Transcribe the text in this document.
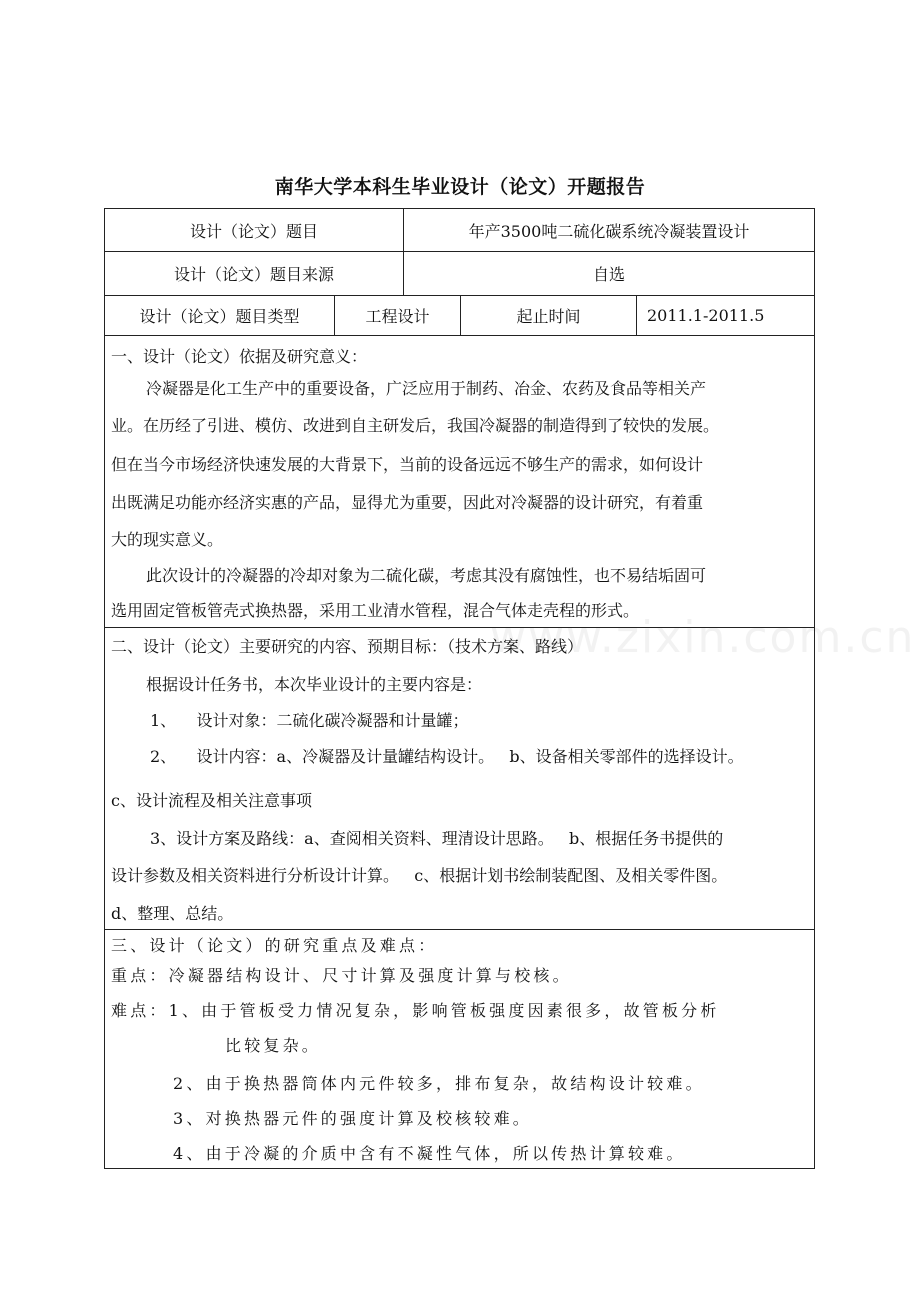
www.zixin.com.cn
南华大学本科生毕业设计（论文）开题报告
设计（论文）题目	年产3500吨二硫化碳系统冷凝装置设计
设计（论文）题目来源	自选
设计（论文）题目类型	工程设计	起止时间	2011.1-2011.5
一、设计（论文）依据及研究意义：
冷凝器是化工生产中的重要设备，广泛应用于制药、冶金、农药及食品等相关产
业。在历经了引进、模仿、改进到自主研发后，我国冷凝器的制造得到了较快的发展。
但在当今市场经济快速发展的大背景下，当前的设备远远不够生产的需求，如何设计
出既满足功能亦经济实惠的产品，显得尤为重要，因此对冷凝器的设计研究，有着重
大的现实意义。
此次设计的冷凝器的冷却对象为二硫化碳，考虑其没有腐蚀性，也不易结垢固可
选用固定管板管壳式换热器，采用工业清水管程，混合气体走壳程的形式。
二、设计（论文）主要研究的内容、预期目标：（技术方案、路线）
根据设计任务书，本次毕业设计的主要内容是：
1、    设计对象：二硫化碳冷凝器和计量罐；
2、    设计内容：a、冷凝器及计量罐结构设计。   b、设备相关零部件的选择设计。
c、设计流程及相关注意事项
3、设计方案及路线：a、查阅相关资料、理清设计思路。   b、根据任务书提供的
设计参数及相关资料进行分析设计计算。   c、根据计划书绘制装配图、及相关零件图。
d、整理、总结。
三、设计（论文）的研究重点及难点：
重点：冷凝器结构设计、尺寸计算及强度计算与校核。
难点：1、由于管板受力情况复杂，影响管板强度因素很多，故管板分析
比较复杂。
2、由于换热器筒体内元件较多，排布复杂，故结构设计较难。
3、对换热器元件的强度计算及校核较难。
4、由于冷凝的介质中含有不凝性气体，所以传热计算较难。
